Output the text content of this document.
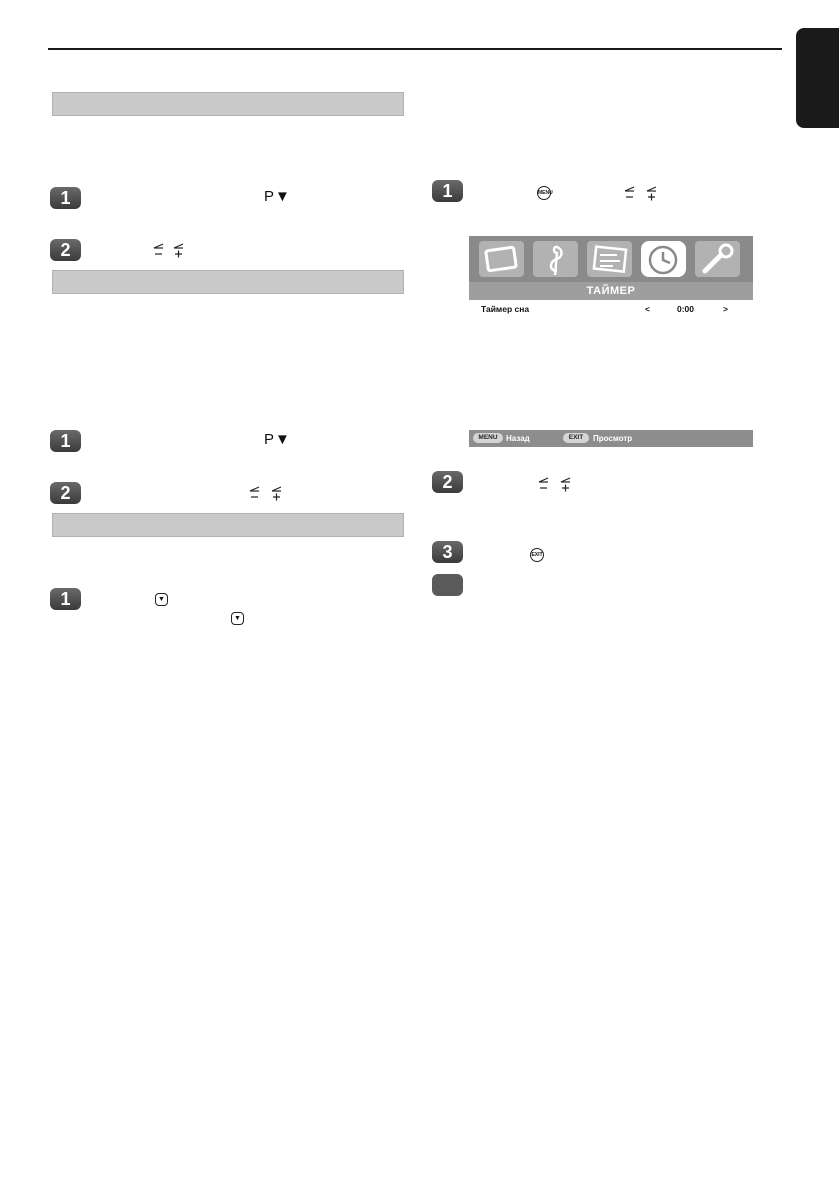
1	P▼
2
1	P▼
2
1	▼
▼
1	MENU
ТАЙМЕР
Таймер сна	<	0:00	>
MENU	Назад	EXIT	Просмотр
2
3	EXIT
